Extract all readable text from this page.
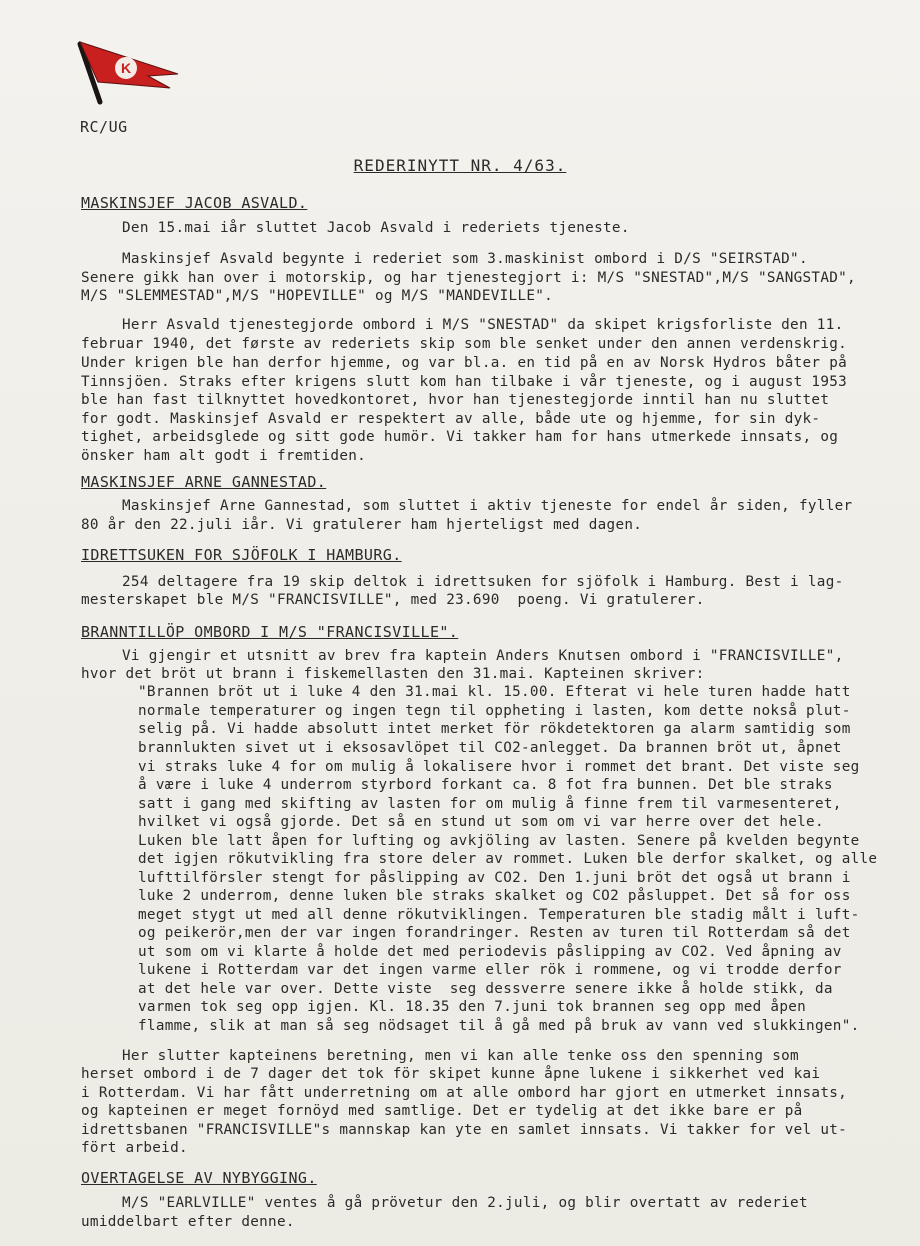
K
RC/UG
REDERINYTT NR. 4/63.
MASKINSJEF JACOB ASVALD.
Den 15.mai iår sluttet Jacob Asvald i rederiets tjeneste.
Maskinsjef Asvald begynte i rederiet som 3.maskinist ombord i D/S "SEIRSTAD".
Senere gikk han over i motorskip, og har tjenestegjort i: M/S "SNESTAD",M/S "SANGSTAD",
M/S "SLEMMESTAD",M/S "HOPEVILLE" og M/S "MANDEVILLE".
Herr Asvald tjenestegjorde ombord i M/S "SNESTAD" da skipet krigsforliste den 11.
februar 1940, det første av rederiets skip som ble senket under den annen verdenskrig.
Under krigen ble han derfor hjemme, og var bl.a. en tid på en av Norsk Hydros båter på
Tinnsjöen. Straks efter krigens slutt kom han tilbake i vår tjeneste, og i august 1953
ble han fast tilknyttet hovedkontoret, hvor han tjenestegjorde inntil han nu sluttet
for godt. Maskinsjef Asvald er respektert av alle, både ute og hjemme, for sin dyk-
tighet, arbeidsglede og sitt gode humör. Vi takker ham for hans utmerkede innsats, og
önsker ham alt godt i fremtiden.
MASKINSJEF ARNE GANNESTAD.
Maskinsjef Arne Gannestad, som sluttet i aktiv tjeneste for endel år siden, fyller
80 år den 22.juli iår. Vi gratulerer ham hjerteligst med dagen.
IDRETTSUKEN FOR SJÖFOLK I HAMBURG.
254 deltagere fra 19 skip deltok i idrettsuken for sjöfolk i Hamburg. Best i lag-
mesterskapet ble M/S "FRANCISVILLE", med 23.690  poeng. Vi gratulerer.
BRANNTILLÖP OMBORD I M/S "FRANCISVILLE".
Vi gjengir et utsnitt av brev fra kaptein Anders Knutsen ombord i "FRANCISVILLE",
hvor det bröt ut brann i fiskemellasten den 31.mai. Kapteinen skriver:
"Brannen bröt ut i luke 4 den 31.mai kl. 15.00. Efterat vi hele turen hadde hatt
normale temperaturer og ingen tegn til oppheting i lasten, kom dette nokså plut-
selig på. Vi hadde absolutt intet merket för rökdetektoren ga alarm samtidig som
brannlukten sivet ut i eksosavlöpet til CO2-anlegget. Da brannen bröt ut, åpnet
vi straks luke 4 for om mulig å lokalisere hvor i rommet det brant. Det viste seg
å være i luke 4 underrom styrbord forkant ca. 8 fot fra bunnen. Det ble straks
satt i gang med skifting av lasten for om mulig å finne frem til varmesenteret,
hvilket vi også gjorde. Det så en stund ut som om vi var herre over det hele.
Luken ble latt åpen for lufting og avkjöling av lasten. Senere på kvelden begynte
det igjen rökutvikling fra store deler av rommet. Luken ble derfor skalket, og alle
lufttilförsler stengt for påslipping av CO2. Den 1.juni bröt det også ut brann i
luke 2 underrom, denne luken ble straks skalket og CO2 påsluppet. Det så for oss
meget stygt ut med all denne rökutviklingen. Temperaturen ble stadig målt i luft-
og peikerör,men der var ingen forandringer. Resten av turen til Rotterdam så det
ut som om vi klarte å holde det med periodevis påslipping av CO2. Ved åpning av
lukene i Rotterdam var det ingen varme eller rök i rommene, og vi trodde derfor
at det hele var over. Dette viste  seg dessverre senere ikke å holde stikk, da
varmen tok seg opp igjen. Kl. 18.35 den 7.juni tok brannen seg opp med åpen
flamme, slik at man så seg nödsaget til å gå med på bruk av vann ved slukkingen".
Her slutter kapteinens beretning, men vi kan alle tenke oss den spenning som
herset ombord i de 7 dager det tok för skipet kunne åpne lukene i sikkerhet ved kai
i Rotterdam. Vi har fått underretning om at alle ombord har gjort en utmerket innsats,
og kapteinen er meget fornöyd med samtlige. Det er tydelig at det ikke bare er på
idrettsbanen "FRANCISVILLE"s mannskap kan yte en samlet innsats. Vi takker for vel ut-
fört arbeid.
OVERTAGELSE AV NYBYGGING.
M/S "EARLVILLE" ventes å gå prövetur den 2.juli, og blir overtatt av rederiet
umiddelbart efter denne.
